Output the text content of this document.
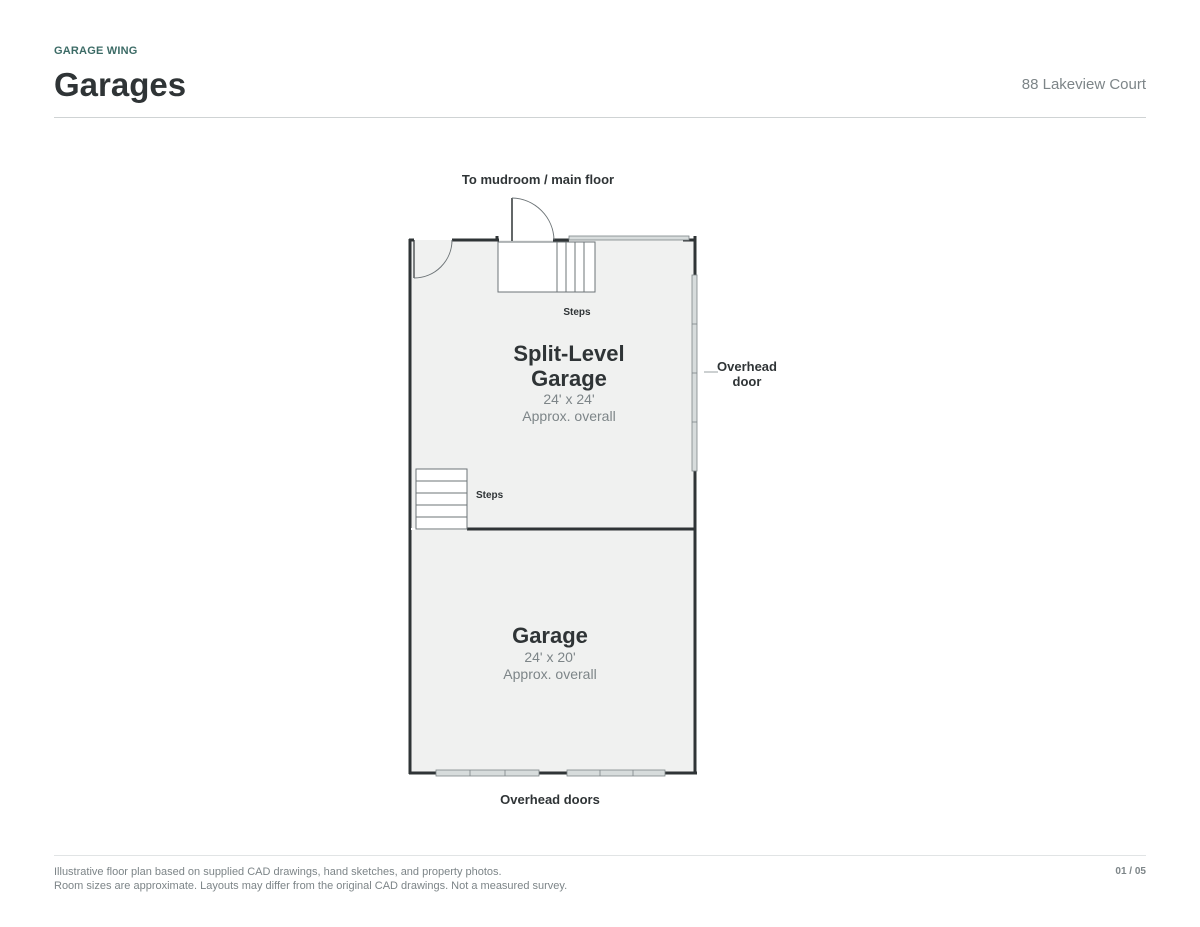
GARAGE WING
Garages	88 Lakeview Court
To mudroom / main floor
Steps
Steps
Overhead
door
Overhead doors
Split-Level
Garage
24' x 24'
Approx. overall
Garage
24' x 20'
Approx. overall
Illustrative floor plan based on supplied CAD drawings, hand sketches, and property photos.
Room sizes are approximate. Layouts may differ from the original CAD drawings. Not a measured survey.
01 / 05
